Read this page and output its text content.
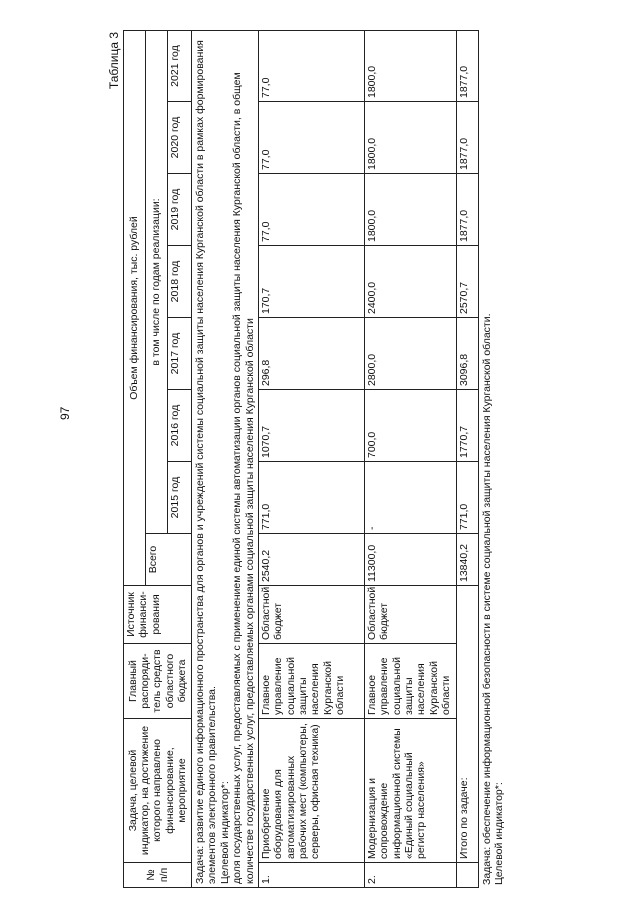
97
Таблица 3
№ п/п	Задача, целевой индикатор, на достижение которого направлено финансирование, мероприятие	Главный распоряди-тель средств областного бюджета	Источник финанси-рования	Объем финансирования, тыс. рублей							
				Всего	в том числе по годам реализации:						
					2015 год	2016 год	2017 год	2018 год	2019 год	2020 год	2021 год

Задача: развитие единого информационного пространства для органов и учреждений системы социальной защиты населения Курганской области в рамках формирования элементов электронного правительства. Целевой индикатор*: доля государственных услуг, предоставляемых с применением единой системы автоматизации органов социальной защиты населения Курганской области, в общем количестве государственных услуг, предоставляемых органами социальной защиты населения Курганской области											

1.	Приобретение оборудования для автоматизированных рабочих мест (компьютеры, серверы, офисная техника)	Главное управление социальной защиты населения Курганской области	Областной бюджет	2540,2	771,0	1070,7	296,8	170,7	77,0	77,0	77,0
2.	Модернизация и сопровождение информационной системы «Единый социальный регистр населения»	Главное управление социальной защиты населения Курганской области	Областной бюджет	11300,0	-	700,0	2800,0	2400,0	1800,0	1800,0	1800,0
	Итого по задаче:			13840,2	771,0	1770,7	3096,8	2570,7	1877,0	1877,0	1877,0
Задача: обеспечение информационной безопасности в системе социальной защиты населения Курганской области. Целевой индикатор*:
